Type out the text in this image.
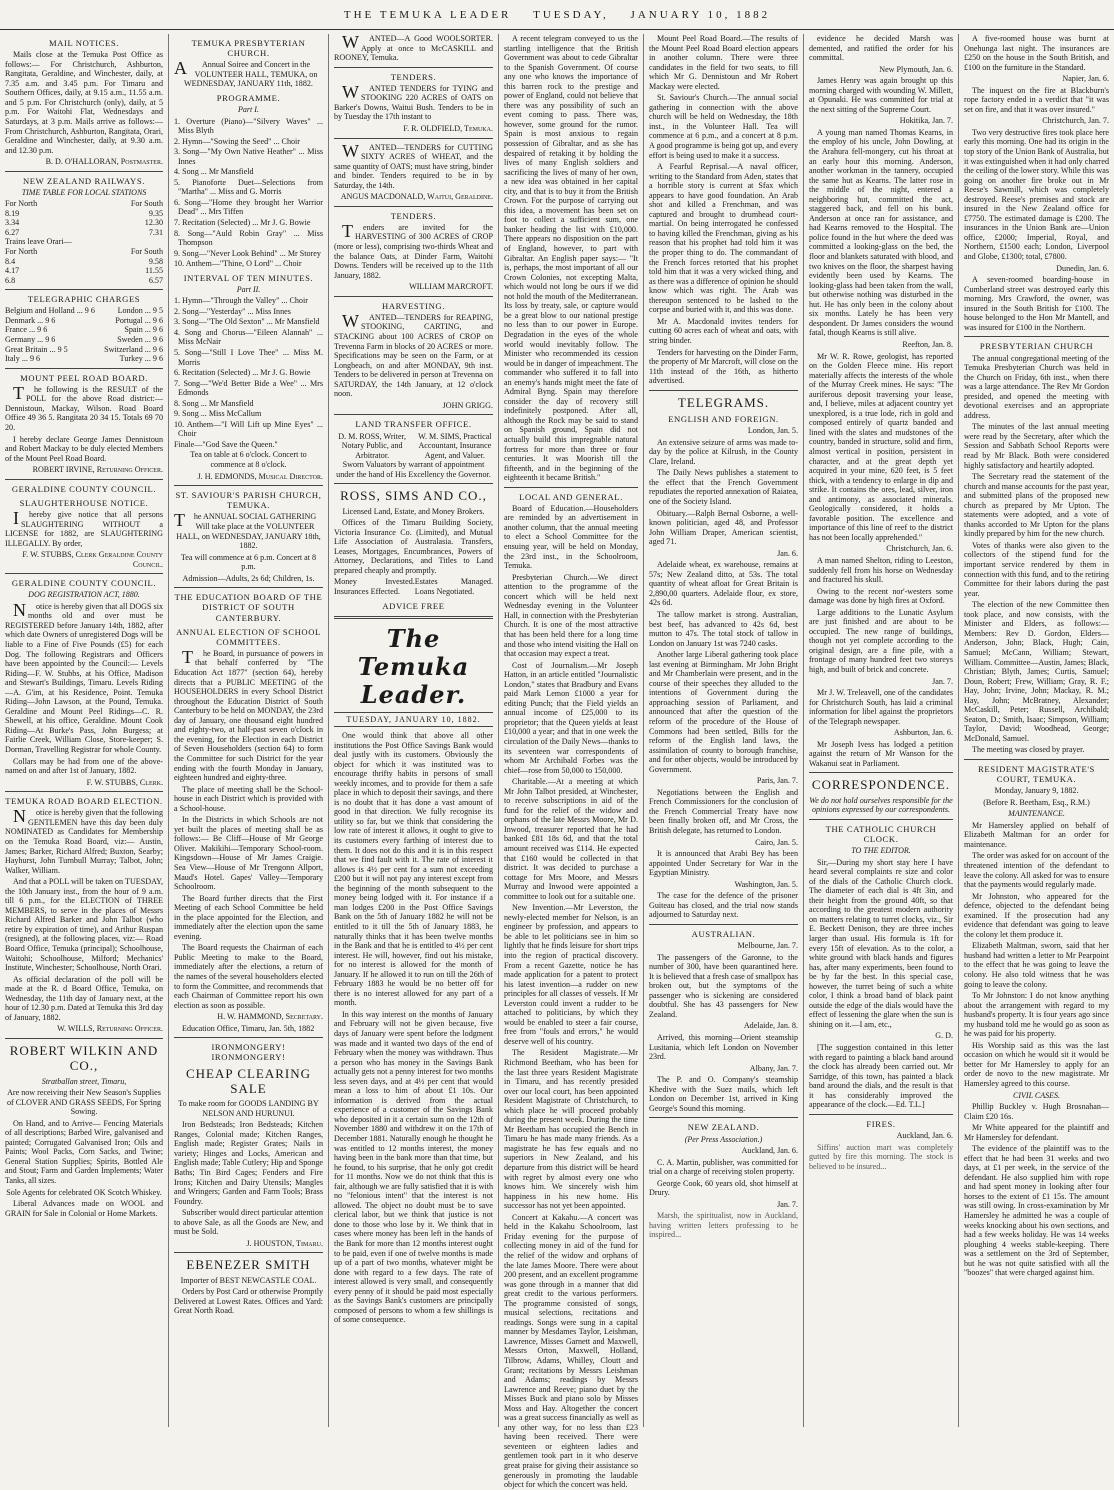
THE TEMUKA LEADER TUESDAY, JANUARY 10, 1882
MAIL NOTICES.

Mails close at the Temuka Post Office as follows:— For Christchurch, Ashburton, Rangitata, Geraldine, and Winchester, daily, at 7.35 a.m. and 3.45 p.m. For Timaru and Southern Offices, daily, at 9.15 a.m., 11.55 a.m. and 5 p.m. For Christchurch (only), daily, at 5 p.m. For Waitohi Flat, Wednesdays and Saturdays, at 3 p.m. Mails arrive as follows:— From Christchurch, Ashburton, Rangitata, Orari, Geraldine and Winchester, daily, at 9.30 a.m. and 12.30 p.m.

B. D. O'HALLORAN, Postmaster.

NEW ZEALAND RAILWAYS.
TIME TABLE FOR LOCAL STATIONS
For North	For South
8.19	9.35
3.34	12.30
6.27	7.31
Trains leave Orari—
For North	For South
8.4	9.58
4.17	11.55
6.8	6.57
TELEGRAPHIC CHARGES
Belgium and Holland ... 9 6	London ... 9 5
Denmark ... 9 6	Portugal ... 9 6
France ... 9 6	Spain ... 9 6
Germany ... 9 6	Sweden ... 9 6
Great Britain ... 9 5	Switzerland ... 9 6
Italy ... 9 6	Turkey ... 9 6
MOUNT PEEL ROAD BOARD.

The following is the RESULT of the POLL for the above Road district:— Dennistoun, Mackay, Wilson. Road Board Office 49 36 5. Rangitata 20 34 15. Totals 69 70 20.

I hereby declare George James Dennistoun and Robert Mackay to be duly elected Members of the Mount Peel Road Board.

ROBERT IRVINE, Returning Officer.

GERALDINE COUNTY COUNCIL.
SLAUGHTERHOUSE NOTICE.

Ihereby give notice that all persons SLAUGHTERING WITHOUT a LICENSE for 1882, are SLAUGHTERING ILLEGALLY. By order,

F. W. STUBBS, Clerk Geraldine County Council.

GERALDINE COUNTY COUNCIL.
DOG REGISTRATION ACT, 1880.

Notice is hereby given that all DOGS six months old and over must be REGISTERED before January 14th, 1882, after which date Owners of unregistered Dogs will be liable to a Fine of Five Pounds (£5) for each Dog. The following Registrars and Officers have been appointed by the Council:— Levels Riding—F. W. Stubbs, at his Office, Madison and Stewart's Buildings, Timaru. Levels Riding—A. G'im, at his Residence, Point. Temuka Riding—John Lawson, at the Pound, Temuka. Geraldine and Mount Peel Ridings—C. R. Shewell, at his office, Geraldine. Mount Cook Riding—At Burke's Pass, John Burgess; at Fairlie Creek, William Close, Store-keeper; S. Dorman, Travelling Registrar for whole County.

Collars may be had from one of the above-named on and after 1st of January, 1882.

F. W. STUBBS, Clerk.

TEMUKA ROAD BOARD ELECTION.

Notice is hereby given that the following GENTLEMEN have this day been duly NOMINATED as Candidates for Membership on the Temuka Road Board, viz:— Austin, James; Barker, Richard Alfred; Buxton, Searby; Hayhurst, John Turnbull Murray; Talbot, John; Walker, William.

And that a POLL will be taken on TUESDAY, the 10th January inst., from the hour of 9 a.m. till 6 p.m., for the ELECTION of THREE MEMBERS, to serve in the places of Messrs Richard Alfred Barker and John Talbot (who retire by expiration of time), and Arthur Ruspan (resigned), at the following places, viz:— Road Board Office, Temuka (principal); Schoolhouse, Waitohi; Schoolhouse, Milford; Mechanics' Institute, Winchester; Schoolhouse, North Orari.

As official declaration of the poll will be made at the R. d Board Office, Temuka, on Wednesday, the 11th day of January next, at the hour of 12.30 p.m. Dated at Temuka this 3rd day of January, 1882.

W. WILLS, Returning Officer.

ROBERT WILKIN AND CO.,
Stratballan street, Timaru,

Are now receiving their New Season's Supplies of CLOVER AND GRASS SEEDS, For Spring Sowing.

On Hand, and to Arrive— Fencing Materials of all descriptions; Barbed Wire, galvanised and painted; Corrugated Galvanised Iron; Oils and Paints; Wool Packs, Corn Sacks, and Twine; General Station Supplies; Spirits, Bottled Ale and Stout; Farm and Garden Implements; Water Tanks, all sizes.

Sole Agents for celebrated OK Scotch Whiskey.

Liberal Advances made on WOOL and GRAIN for Sale in Colonial or Home Markets.

TEMUKA PRESBYTERIAN CHURCH.

AAnnual Soiree and Concert in the VOLUNTEER HALL, TEMUKA, on WEDNESDAY, JANUARY 11th, 1882.

PROGRAMME.
Part I.
1. Overture (Piano)—"Silvery Waves" ... Miss Blyth
2. Hymn—"Sowing the Seed" ... Choir
3. Song—"My Own Native Heather" ... Miss Innes
4. Song ... Mr Mansfield
5. Pianoforte Duet—Selections from "Martha" ... Miss and G. Morris
6. Song—"Home they brought her Warrior Dead" ... Mrs Tiffen
7. Recitation (Selected) ... Mr J. G. Bowie
8. Song—"Auld Robin Gray" ... Miss Thompson
9. Song—"Never Look Behind" ... Mr Storey
10. Anthem—"Thine, O Lord" ... Choir
INTERVAL OF TEN MINUTES.
Part II.
1. Hymn—"Through the Valley" ... Choir
2. Song—"Yesterday" ... Miss Innes
3. Song—"The Old Sexton" ... Mr Mansfield
4. Song and Chorus—"Eileen Alannah" ... Miss McNair
5. Song—"Still I Love Thee" ... Miss M. Morris
6. Recitation (Selected) ... Mr J. G. Bowie
7. Song—"We'd Better Bide a Wee" ... Mrs Edmonds
8. Song ... Mr Mansfield
9. Song ... Miss McCallum
10. Anthem—"I Will Lift up Mine Eyes" ... Choir
Finale—"God Save the Queen."

Tea on table at 6 o'clock. Concert to commence at 8 o'clock.

J. H. EDMONDS, Musical Director.

ST. SAVIOUR'S PARISH CHURCH, TEMUKA.

The ANNUAL SOCIAL GATHERING Will take place at the VOLUNTEER HALL, on WEDNESDAY, JANUARY 18th, 1882.

Tea will commence at 6 p.m. Concert at 8 p.m.

Admission—Adults, 2s 6d; Children, 1s.

THE EDUCATION BOARD OF THE DISTRICT OF SOUTH CANTERBURY.
ANNUAL ELECTION OF SCHOOL COMMITTEES.

The Board, in pursuance of powers in that behalf conferred by "The Education Act 1877" (section 64), hereby directs that a PUBLIC MEETING of the HOUSEHOLDERS in every School District throughout the Education District of South Canterbury to be held on MONDAY, the 23rd day of January, one thousand eight hundred and eighty-two, at half-past seven o'clock in the evening, for the Election in each District of Seven Householders (section 64) to form the Committee for such District for the year ending with the fourth Monday in January, eighteen hundred and eighty-three.

The place of meeting shall be the School-house in each District which is provided with a School-house.

In the Districts in which Schools are not yet built the places of meeting shall be as follows:— Be Cliff—House of Mr George Oliver. Makikihi—Temporary School-room. Kingsdown—House of Mr James Craigie. Sea View—House of Mr Trengonn Allport, Maud's Hotel. Gapes' Valley—Temporary Schoolroom.

The Board further directs that the First Meeting of each School Committee be held in the place appointed for the Election, and immediately after the election upon the same evening.

The Board requests the Chairman of each Public Meeting to make to the Board, immediately after the elections, a return of the names of the several householders elected to form the Committee, and recommends that each Chairman of Committee report his own election as soon as possible.

H. W. HAMMOND, Secretary.

Education Office, Timaru, Jan. 5th, 1882

IRONMONGERY! IRONMONGERY!
CHEAP CLEARING SALE

To make room for GOODS LANDING BY NELSON AND HURUNUI.

Iron Bedsteads; Iron Bedsteads; Kitchen Ranges, Colonial made; Kitchen Ranges, English made; Register Grates; Nails in variety; Hinges and Locks, American and English made; Table Cutlery; Hip and Sponge Baths; Tin Bird Cages; Fenders and Fire Irons; Kitchen and Dairy Utensils; Mangles and Wringers; Garden and Farm Tools; Brass Foundry.

Subscriber would direct particular attention to above Sale, as all the Goods are New, and must be Sold.

J. HOUSTON, Timaru.

EBENEZER SMITH

Importer of BEST NEWCASTLE COAL.

Orders by Post Card or otherwise Promptly Delivered at Lowest Rates. Offices and Yard: Great North Road.

WANTED—A Good WOOLSORTER. Apply at once to McCASKILL and ROONEY, Temuka.

TENDERS.

WANTED TENDERS for TYING and STOOKING 220 ACRES of OATS on Barker's Downs, Waitui Bush. Tenders to be in by Tuesday the 17th instant to

F. R. OLDFIELD, Temuka.

WANTED—TENDERS for CUTTING SIXTY ACRES of WHEAT, and the same quantity of OATS; must have string, binder and binder. Tenders required to be in by Saturday, the 14th.

ANGUS MACDONALD, Waitui, Geraldine.

TENDERS.

Tenders are invited for the HARVESTING of 300 ACRES of CROP (more or less), comprising two-thirds Wheat and the balance Oats, at Dinder Farm, Waitohi Downs. Tenders will be received up to the 11th January, 1882.

WILLIAM MARCROFT.

HARVESTING.

WANTED—TENDERS for REAPING, STOOKING, CARTING, and STACKING about 100 ACRES of CROP on Trevenna Farm in blocks of 20 ACRES or more. Specifications may be seen on the Farm, or at Longbeach, on and after MONDAY, 9th inst. Tenders to be delivered in person at Trevenna on SATURDAY, the 14th January, at 12 o'clock noon.

JOHN GRIGG.

LAND TRANSFER OFFICE.
D. M. ROSS, Writer, Notary Public, and Arbitrator.
W. M. SIMS, Practical Accountant, Insurance Agent, and Valuer.

Sworn Valuators by warrant of appointment under the hand of His Excellency the Governor.

ROSS, SIMS AND CO.,

Licensed Land, Estate, and Money Brokers.

Offices of the Timaru Building Society, Victoria Insurance Co. (Limited), and Mutual Life Association of Australasia. Transfers, Leases, Mortgages, Encumbrances, Powers of Attorney, Declarations, and Titles to Land prepared cheaply and promptly.

Money Invested. Insurances Effected.
Estates Managed. Loans Negotiated.
ADVICE FREE
The Temuka Leader.
TUESDAY, JANUARY 10, 1882.

One would think that above all other institutions the Post Office Savings Bank would deal justly with its customers. Obviously the object for which it was instituted was to encourage thrifty habits in persons of small weekly incomes, and to provide for them a safe place in which to deposit their savings, and there is no doubt that it has done a vast amount of good in that direction. We fully recognise its utility so far, but we think that considering the low rate of interest it allows, it ought to give to its customers every farthing of interest due to them. It does not do this and it is in this respect that we find fault with it. The rate of interest it allows is 4½ per cent for a sum not exceeding £200 but it will not pay any interest except from the beginning of the month subsequent to the money being lodged with it. For instance if a man lodges £200 in the Post Office Savings Bank on the 5th of January 1882 he will not be entitled to it till the 5th of January 1883, he naturally thinks that it has been twelve months in the Bank and that he is entitled to 4½ per cent interest. He will, however, find out his mistake, for no interest is allowed for the month of January. If he allowed it to run on till the 26th of February 1883 he would be no better off for there is no interest allowed for any part of a month.

In this way interest on the months of January and February will not be given because, five days of January were spent before the lodgment was made and it wanted two days of the end of February when the money was withdrawn. Thus a person who has money in the Savings Bank actually gets not a penny interest for two months less seven days, and at 4½ per cent that would mean a loss to him of about £1 10s. Our information is derived from the actual experience of a customer of the Savings Bank who deposited in it a certain sum on the 12th of November 1880 and withdrew it on the 17th of December 1881. Naturally enough he thought he was entitled to 12 months interest, the money having been in the bank more than that time, but he found, to his surprise, that he only got credit for 11 months. Now we do not think that this is fair, although we are fully satisfied that it is with no "felonious intent" that the interest is not allowed. The object no doubt must be to save clerical labor, but we think that justice is not done to those who lose by it. We think that in cases where money has been left in the hands of the Bank for more than 12 months interest ought to be paid, even if one of twelve months is made up of a part of two months, whatever might be done with regard to a few days. The rate of interest allowed is very small, and consequently every penny of it should be paid most especially as the Savings Bank's customers are principally composed of persons to whom a few shillings is of some consequence.

A recent telegram conveyed to us the startling intelligence that the British Government was about to cede Gibraltar to the Spanish Government. Of course any one who knows the importance of this barren rock to the prestige and power of England, could not believe that there was any possibility of such an event coming to pass. There was, however, some ground for the rumor. Spain is most anxious to regain possession of Gibraltar, and as she has despaired of retaking it by holding the lives of many English soldiers and sacrificing the lives of many of her own, a new idea was obtained in her capital city, and that is to buy it from the British Crown. For the purpose of carrying out this idea, a movement has been set on foot to collect a sufficient sum, one banker heading the list with £10,000. There appears no disposition on the part of England, however, to part with Gibraltar. An English paper says:— "It is, perhaps, the most important of all our Crown Colonies, not excepting Malta, which would not long be ours if we did not hold the mouth of the Mediterranean. Its loss by treaty, sale, or capture would be a great blow to our national prestige no less than to our power in Europe. Degradation in the eyes of the whole world would inevitably follow. The Minister who recommended its cession would be in danger of impeachment. The commander who suffered it to fall into an enemy's hands might meet the fate of Admiral Byng. Spain may therefore consider the day of recovery still indefinitely postponed. After all, although the Rock may be said to stand on Spanish ground, Spain did not actually build this impregnable natural fortress for more than three or four centuries. It was Moorish till the fifteenth, and in the beginning of the eighteenth it became British."

LOCAL AND GENERAL.

Board of Education.—Householders are reminded by an advertisement in another column, that the annual meeting to elect a School Committee for the ensuing year, will be held on Monday, the 23rd inst., in the Schoolroom, Temuka.

Presbyterian Church.—We direct attention to the programme of the concert which will be held next Wednesday evening in the Volunteer Hall, in connection with the Presbyterian Church. It is one of the most attractive that has been held there for a long time and those who intend visiting the Hall on that occasion may expect a treat.

Cost of Journalism.—Mr Joseph Hatton, in an article entitled "Journalistic London," states that Bradbury and Evans paid Mark Lemon £1000 a year for editing Punch; that the Field yields an annual income of £25,000 to its proprietor; that the Queen yields at least £10,000 a year; and that in one week the circulation of the Daily News—thanks to its seventeen war correspondents of whom Mr Archibald Forbes was the chief—rose from 50,000 to 150,000.

Charitable.—At a meeting at which Mr John Talbot presided, at Winchester, to receive subscriptions in aid of the fund for the relief of the widow and orphans of the late Messrs Moore, Mr D. Inwood, treasurer reported that he had banked £81 18s 6d, and that the total amount received was £114. He expected that £160 would be collected in that district. It was decided to purchase a cottage for Mrs Moore, and Messrs Murray and Inwood were appointed a committee to look out for a suitable one.

New Invention.—Mr Leverston, the newly-elected member for Nelson, is an engineer by profession, and appears to be able to let politicians see in him so lightly that he finds leisure for short trips into the region of practical discovery. From a recent Gazette, notice he has made application for a patent to protect his latest invention—a rudder on new principles for all classes of vessels. If Mr Leverston could invent a rudder to be attached to politicians, by which they would be enabled to steer a fair course, free from "fouls and errors," he would deserve well of his country.

The Resident Magistrate.—Mr Richmond Beetham, who has been for the last three years Resident Magistrate in Timaru, and has recently presided over our local court, has been appointed Resident Magistrate of Christchurch, to which place he will proceed probably during the present week. During the time Mr Beetham has occupied the Bench in Timaru he has made many friends. As a magistrate he has few equals and no superiors in New Zealand, and his departure from this district will be heard with regret by almost every one who knows him. We sincerely wish him happiness in his new home. His successor has not yet been appointed.

Concert at Kakahu.—A concert was held in the Kakahu Schoolroom, last Friday evening for the purpose of collecting money in aid of the fund for the relief of the widow and orphans of the late James Moore. There were about 200 present, and an excellent programme was gone through in a manner that did great credit to the various performers. The programme consisted of songs, musical selections, recitations and readings. Songs were sung in a capital manner by Mesdames Taylor, Leishman, Lawrence, Misses Garnett and Maxwell, Messrs Orton, Maxwell, Holland, Tilbrow, Adams, Whilley, Cloutt and Grant; recitations by Messrs Leishman and Adams; readings by Messrs Lawrence and Reeve; piano duet by the Misses Buck and piano solo by Misses Moss and Hay. Altogether the concert was a great success financially as well as any other way, for no less than £23 having been received. There were seventeen or eighteen ladies and gentlemen took part in it who deserve great praise for giving their assistance so generously in promoting the laudable object for which the concert was held.

Mount Peel Road Board.—The results of the Mount Peel Road Board election appears in another column. There were three candidates in the field for two seats, to fill which Mr G. Dennistoun and Mr Robert Mackay were elected.

St. Saviour's Church.—The annual social gathering in connection with the above church will be held on Wednesday, the 18th inst., in the Volunteer Hall. Tea will commence at 6 p.m., and a concert at 8 p.m. A good programme is being got up, and every effort is being used to make it a success.

A Fearful Reprisal.—A naval officer, writing to the Standard from Aden, states that a horrible story is current at Sfax which appears to have good foundation. An Arab shot and killed a Frenchman, and was captured and brought to drumhead court-martial. On being interrogated he confessed to having killed the Frenchman, giving as his reason that his prophet had told him it was the proper thing to do. The commandant of the French forces retorted that his prophet told him that it was a very wicked thing, and as there was a difference of opinion he should know which was right. The Arab was thereupon sentenced to be lashed to the corpse and buried with it, and this was done.

Mr A. Macdonald invites tenders for cutting 60 acres each of wheat and oats, with string binder.

Tenders for harvesting on the Dinder Farm, the property of Mr Marcroft, will close on the 11th instead of the 16th, as hitherto advertised.

TELEGRAMS.
ENGLISH AND FOREIGN.

London, Jan. 5.

An extensive seizure of arms was made to-day by the police at Kilrush, in the County Clare, Ireland.

The Daily News publishes a statement to the effect that the French Government repudiates the reported annexation of Raiatea, one of the Society Island.

Obituary.—Ralph Bernal Osborne, a well-known politician, aged 48, and Professor John William Draper, American scientist, aged 71.

Jan. 6.

Adelaide wheat, ex warehouse, remains at 57s; New Zealand ditto, at 53s. The total quantity of wheat afloat for Great Britain is 2,890,00 quarters. Adelaide flour, ex store, 42s 6d.

The tallow market is strong. Australian, best beef, has advanced to 42s 6d, best mutton to 47s. The total stock of tallow in London on January 1st was 7240 casks.

Another large Liberal gathering took place last evening at Birmingham. Mr John Bright and Mr Chamberlain were present, and in the course of their speeches they alluded to the intentions of Government during the approaching session of Parliament, and announced that after the question of the reform of the procedure of the House of Commons had been settled, Bills for the reform of the English land laws, the assimilation of county to borough franchise, and for other objects, would be introduced by Government.

Paris, Jan. 7.

Negotiations between the English and French Commissioners for the conclusion of the French Commercial Treaty have now been finally broken off, and Mr Cross, the British delegate, has returned to London.

Cairo, Jan. 5.

It is announced that Arabi Bey has been appointed Under Secretary for War in the Egyptian Ministry.

Washington, Jan. 5.

The case for the defence of the prisoner Guiteau has closed, and the trial now stands adjourned to Saturday next.

AUSTRALIAN.

Melbourne, Jan. 7.

The passengers of the Garonne, to the number of 300, have been quarantined here. It is believed that a fresh case of smallpox has broken out, but the symptoms of the passenger who is sickening are considered doubtful. She has 43 passengers for New Zealand.

Adelaide, Jan. 8.

Arrived, this morning—Orient steamship Lusitania, which left London on November 23rd.

Albany, Jan. 7.

The P. and O. Company's steamship Khedive with the Suez mails, which left London on December 1st, arrived in King George's Sound this morning.

NEW ZEALAND.
(Per Press Association.)

Auckland, Jan. 6.

C. A. Martin, publisher, was committed for trial on a charge of receiving stolen property.

George Cook, 60 years old, shot himself at Drury.

Jan. 7.

Marsh, the spiritualist, now in Auckland, having written letters professing to be inspired...

evidence he decided Marsh was demented, and ratified the order for his committal.

New Plymouth, Jan. 6.

James Henry was again brought up this morning charged with wounding W. Millett, at Opunaki. He was committed for trial at the next sitting of the Supreme Court.

Hokitika, Jan. 7.

A young man named Thomas Kearns, in the employ of his uncle, John Dowling, at the Arahura fell-mongery, cut his throat at an early hour this morning. Anderson, another workman in the tannery, occupied the same hut as Kearns. The latter rose in the middle of the night, entered a neighboring hut, committed the act, staggered back, and fell on his bunk. Anderson at once ran for assistance, and had Kearns removed to the Hospital. The police found in the hut where the deed was committed a looking-glass on the bed, the floor and blankets saturated with blood, and two knives on the floor, the sharpest having evidently been used by Kearns. The looking-glass had been taken from the wall, but otherwise nothing was disturbed in the hut. He has only been in the colony about six months. Lately he has been very despondent. Dr James considers the wound fatal, though Kearns is still alive.

Reefton, Jan. 8.

Mr W. R. Rowe, geologist, has reported on the Golden Fleece mine. His report materially affects the interests of the whole of the Murray Creek mines. He says: "The auriferous deposit traversing your lease, and, I believe, miles at adjacent country yet unexplored, is a true lode, rich in gold and composed entirely of quartz banded and lined with the slates and mudstones of the country, banded in structure, solid and firm, almost vertical in position, persistent in character, and at the great depth yet acquired in your mine, 620 feet, is 5 feet thick, with a tendency to enlarge in dip and strike. It contains the ores, lead, silver, iron and antimony, as associated minerals. Geologically considered, it holds a favorable position. The excellence and importance of this line of reef to the district has not been locally apprehended."

Christchurch, Jan. 6.

A man named Shelton, riding to Leeston, suddenly fell from his horse on Wednesday and fractured his skull.

Owing to the recent nor'-westers some damage was done by high fires at Oxford.

Large additions to the Lunatic Asylum are just finished and are about to be occupied. The new range of buildings, though not yet complete according to the original design, are a fine pile, with a frontage of many hundred feet two storeys high, and built of brick and concrete.

Jan. 7.

Mr J. W. Treleavell, one of the candidates for Christchurch South, has laid a criminal information for libel against the proprietors of the Telegraph newspaper.

Ashburton, Jan. 6.

Mr Joseph Ivess has lodged a petition against the return of Mr Wanson for the Wakanui seat in Parliament.

CORRESPONDENCE.

We do not hold ourselves responsible for the opinions expressed by our correspondents.

THE CATHOLIC CHURCH CLOCK.
TO THE EDITOR.

Sir,—During my short stay here I have heard several complaints re size and color of the dials of the Catholic Church clock. The diameter of each dial is 4ft 3in, and their height from the ground 40ft, so that according to the greatest modern authority on matters relating to turret clocks, viz., Sir E. Beckett Denison, they are three inches larger than usual. His formula is 1ft for every 15ft of elevation. As to the color, a white ground with black hands and figures has, after many experiments, been found to be by far the best. In this special case, however, the turret being of such a white color, I think a broad band of black paint outside the edge of the dials would have the effect of lessening the glare when the sun is shining on it.—I am, etc.,

G. D.

[The suggestion contained in this letter with regard to painting a black band around the clock has already been carried out. Mr Sarridge, of this town, has painted a black band around the dials, and the result is that it has considerably improved the appearance of the clock.—Ed. T.L.]

FIRES.

Auckland, Jan. 6.

Siffins' auction mart was completely gutted by fire this morning. The stock is believed to be insured...

A five-roomed house was burnt at Onehunga last night. The insurances are £250 on the house in the South British, and £100 on the furniture in the Standard.

Napier, Jan. 6.

The inquest on the fire at Blackburn's rope factory ended in a verdict that "it was set on fire, and that it was over insured."

Christchurch, Jan. 7.

Two very destructive fires took place here early this morning. One had its origin in the top story of the Union Bank of Australia, but it was extinguished when it had only charred the ceiling of the lower story. While this was going on another fire broke out in Mr Reese's Sawmill, which was completely destroyed. Reese's premises and stock are insured in the New Zealand office for £7750. The estimated damage is £200. The insurances in the Union Bank are—Union office, £2000; Imperial, Royal, and Northern, £1500 each; London, Liverpool and Globe, £1300; total, £7800.

Dunedin, Jan. 6.

A seven-roomed boarding-house in Cumberland street was destroyed early this morning. Mrs Crawford, the owner, was insured in the South British for £100. The house belonged to the Hon Mr Mantell, and was insured for £100 in the Northern.

PRESBYTERIAN CHURCH

The annual congregational meeting of the Temuka Presbyterian Church was held in the Church on Friday, 6th inst., when there was a large attendance. The Rev Mr Gordon presided, and opened the meeting with devotional exercises and an appropriate address.

The minutes of the last annual meeting were read by the Secretary, after which the Session and Sabbath School Reports were read by Mr Black. Both were considered highly satisfactory and heartily adopted.

The Secretary read the statement of the church and manse accounts for the past year, and submitted plans of the proposed new church as prepared by Mr Upton. The statements were adopted, and a vote of thanks accorded to Mr Upton for the plans kindly prepared by him for the new church.

Votes of thanks were also given to the collectors of the stipend fund for the important service rendered by them in connection with this fund, and to the retiring Committee for their labors during the past year.

The election of the new Committee then took place, and now consists, with the Minister and Elders, as follows:— Members: Rev D. Gordon, Elders—Anderson, John; Black, Hugh; Cain, Samuel; McCann, William; Stewart, William. Committee—Austin, James; Black, Christian; Blyth, James; Curtis, Samuel; Doun, Robert; Frew, William; Gray, R. F.; Hay, John; Irvine, John; Mackay, R. M.; Hay, John; McBratney, Alexander; McCaskill, Peter; Russell, Archibald; Seaton, D.; Smith, Isaac; Simpson, William; Taylor, David; Woodhead, George; McDonald, Samuel.

The meeting was closed by prayer.

RESIDENT MAGISTRATE'S COURT, TEMUKA.

Monday, January 9, 1882.

(Before R. Beetham, Esq., R.M.)

MAINTENANCE.

Mr Hamersley applied on behalf of Elizabeth Maltman for an order for maintenance.

The order was asked for on account of the threatened intention of the defendant to leave the colony. All asked for was to ensure that the payments would regularly made.

Mr Johnston, who appeared for the defence, objected to the defendant being examined. If the prosecution had any evidence that defendant was going to leave the colony let them produce it.

Elizabeth Maltman, sworn, said that her husband had written a letter to Mr Pearpoint to the effect that he was going to leave the colony. He also told witness that he was going to leave the colony.

To Mr Johnston: I do not know anything about the arrangement with regard to my husband's property. It is four years ago since my husband told me he would go as soon as he was paid for his property.

His Worship said as this was the last occasion on which he would sit it would be better for Mr Hamersley to apply for an order de novo to the new magistrate. Mr Hamersley agreed to this course.

CIVIL CASES.

Phillip Buckley v. Hugh Brosnahan—Claim £20 16s.

Mr White appeared for the plaintiff and Mr Hamersley for defendant.

The evidence of the plaintiff was to the effect that he had been 31 weeks and two days, at £1 per week, in the service of the defendant. He also supplied him with rope and had spent money in looking after four horses to the extent of £1 15s. The amount was still owing. In cross-examination by Mr Hamersley he admitted he was a couple of weeks knocking about his own sections, and had a few weeks holiday. He was 14 weeks ploughing 4 weeks stable-keeping. There was a settlement on the 3rd of September, but he was not quite satisfied with all the "boozes" that were charged against him.
